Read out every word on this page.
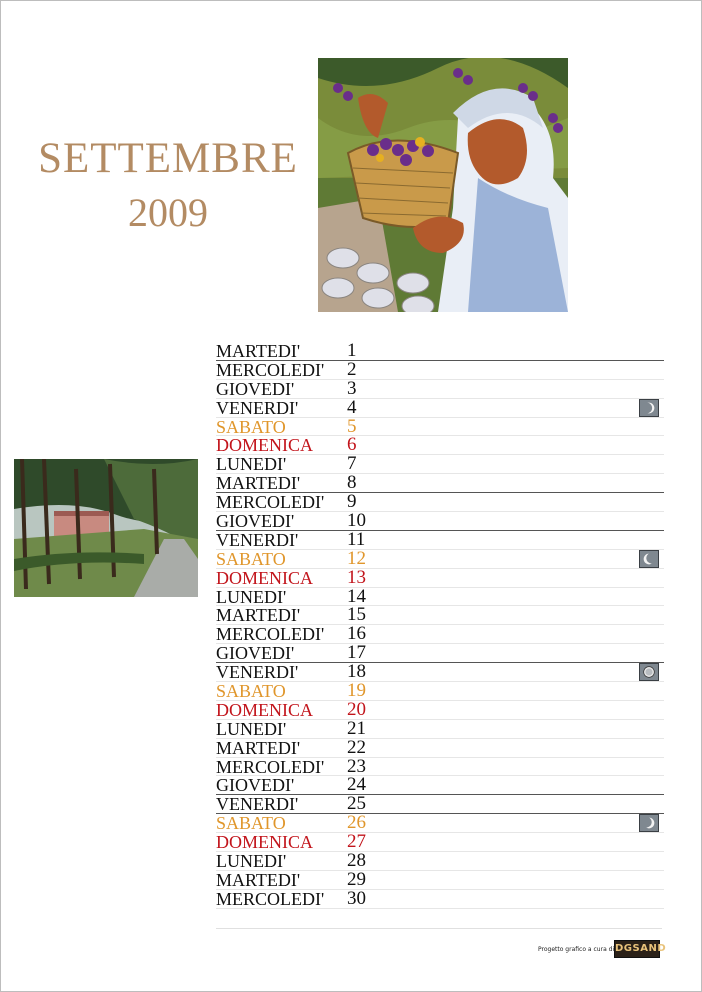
SETTEMBRE
2009
MARTEDI' 1
MERCOLEDI' 2
GIOVEDI'	3
VENERDI'	4
SABATO	5
DOMENICA 6
LUNEDI'	7
MARTEDI' 8
MERCOLEDI' 9
GIOVEDI'	10
VENERDI'	11
SABATO	12
DOMENICA 13
LUNEDI'	14
MARTEDI' 15
MERCOLEDI' 16
GIOVEDI'	17
VENERDI'	18
SABATO	19
DOMENICA 20
LUNEDI'	21
MARTEDI' 22
MERCOLEDI' 23
GIOVEDI'	24
VENERDI'	25
SABATO	26
DOMENICA 27
LUNEDI'	28
MARTEDI' 29
MERCOLEDI' 30
Progetto grafico a cura di DGSAND
